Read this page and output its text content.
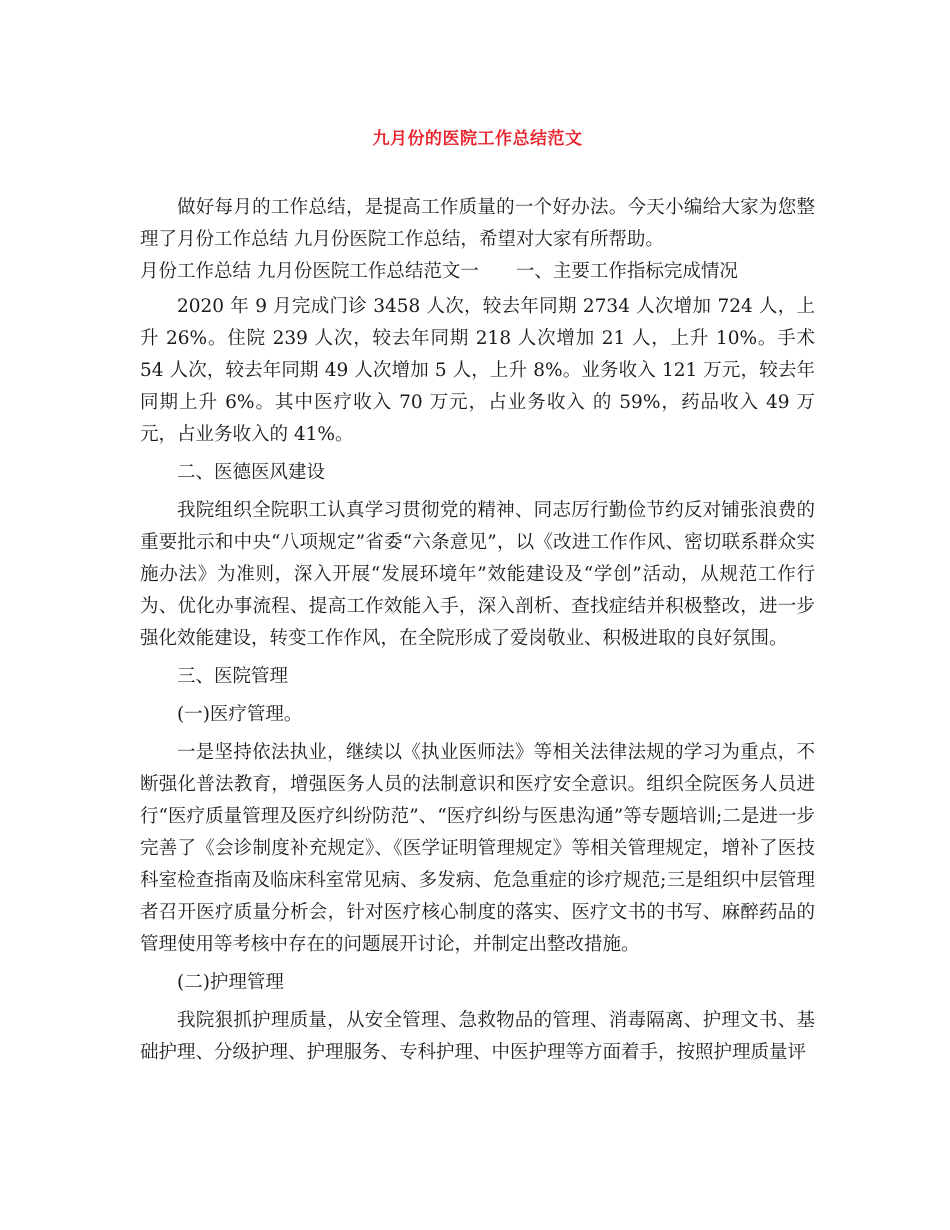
九月份的医院工作总结范文

做好每月的工作总结，是提高工作质量的一个好办法。今天小编给大家为您整理了月份工作总结 九月份医院工作总结，希望对大家有所帮助。

月份工作总结 九月份医院工作总结范文一　　一、主要工作指标完成情况

2020 年 9 月完成门诊 3458 人次，较去年同期 2734 人次增加 724 人，上升 26%。住院 239 人次，较去年同期 218 人次增加 21 人，上升 10%。手术 54 人次，较去年同期 49 人次增加 5 人，上升 8%。业务收入 121 万元，较去年同期上升 6%。其中医疗收入 70 万元，占业务收入 的 59%，药品收入 49 万元，占业务收入的 41%。

二、医德医风建设

我院组织全院职工认真学习贯彻党的精神、同志厉行勤俭节约反对铺张浪费的重要批示和中央“八项规定”省委“六条意见”，以《改进工作作风、密切联系群众实施办法》为准则，深入开展“发展环境年”效能建设及“学创”活动，从规范工作行为、优化办事流程、提高工作效能入手，深入剖析、查找症结并积极整改，进一步强化效能建设，转变工作作风，在全院形成了爱岗敬业、积极进取的良好氛围。

三、医院管理

(一)医疗管理。

一是坚持依法执业，继续以《执业医师法》等相关法律法规的学习为重点，不断强化普法教育，增强医务人员的法制意识和医疗安全意识。组织全院医务人员进行“医疗质量管理及医疗纠纷防范”、“医疗纠纷与医患沟通”等专题培训;二是进一步完善了《会诊制度补充规定》、《医学证明管理规定》等相关管理规定，增补了医技科室检查指南及临床科室常见病、多发病、危急重症的诊疗规范;三是组织中层管理者召开医疗质量分析会，针对医疗核心制度的落实、医疗文书的书写、麻醉药品的管理使用等考核中存在的问题展开讨论，并制定出整改措施。

(二)护理管理

我院狠抓护理质量，从安全管理、急救物品的管理、消毒隔离、护理文书、基础护理、分级护理、护理服务、专科护理、中医护理等方面着手，按照护理质量评
